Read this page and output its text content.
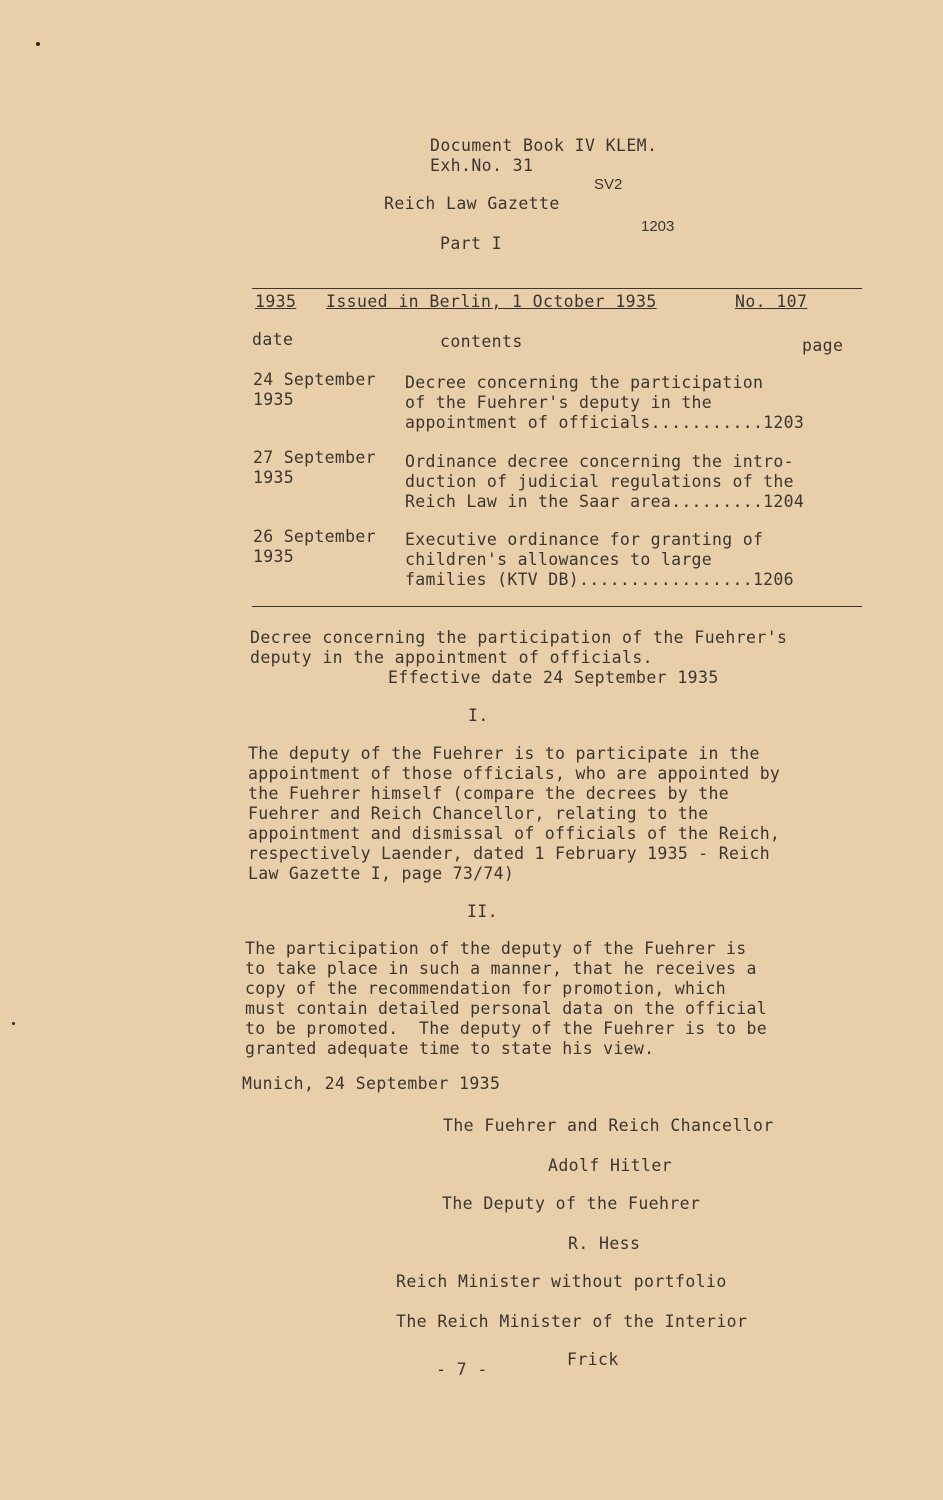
Document Book IV KLEM.
Exh.No. 31
SV2
Reich Law Gazette
1203
Part I
1935 Issued in Berlin, 1 October 1935	No. 107
date	contents	page
24 September
1935
Decree concerning the participation
of the Fuehrer's deputy in the
appointment of officials...........1203
27 September
1935
Ordinance decree concerning the intro-
duction of judicial regulations of the
Reich Law in the Saar area.........1204
26 September
1935
Executive ordinance for granting of
children's allowances to large
families (KTV DB).................1206
Decree concerning the participation of the Fuehrer's
deputy in the appointment of officials.
Effective date 24 September 1935
I.
The deputy of the Fuehrer is to participate in the
appointment of those officials, who are appointed by
the Fuehrer himself (compare the decrees by the
Fuehrer and Reich Chancellor, relating to the
appointment and dismissal of officials of the Reich,
respectively Laender, dated 1 February 1935 - Reich
Law Gazette I, page 73/74)
II.
The participation of the deputy of the Fuehrer is
to take place in such a manner, that he receives a
copy of the recommendation for promotion, which
must contain detailed personal data on the official
to be promoted.  The deputy of the Fuehrer is to be
granted adequate time to state his view.
Munich, 24 September 1935
The Fuehrer and Reich Chancellor
Adolf Hitler
The Deputy of the Fuehrer
R. Hess
Reich Minister without portfolio
The Reich Minister of the Interior
Frick
- 7 -
